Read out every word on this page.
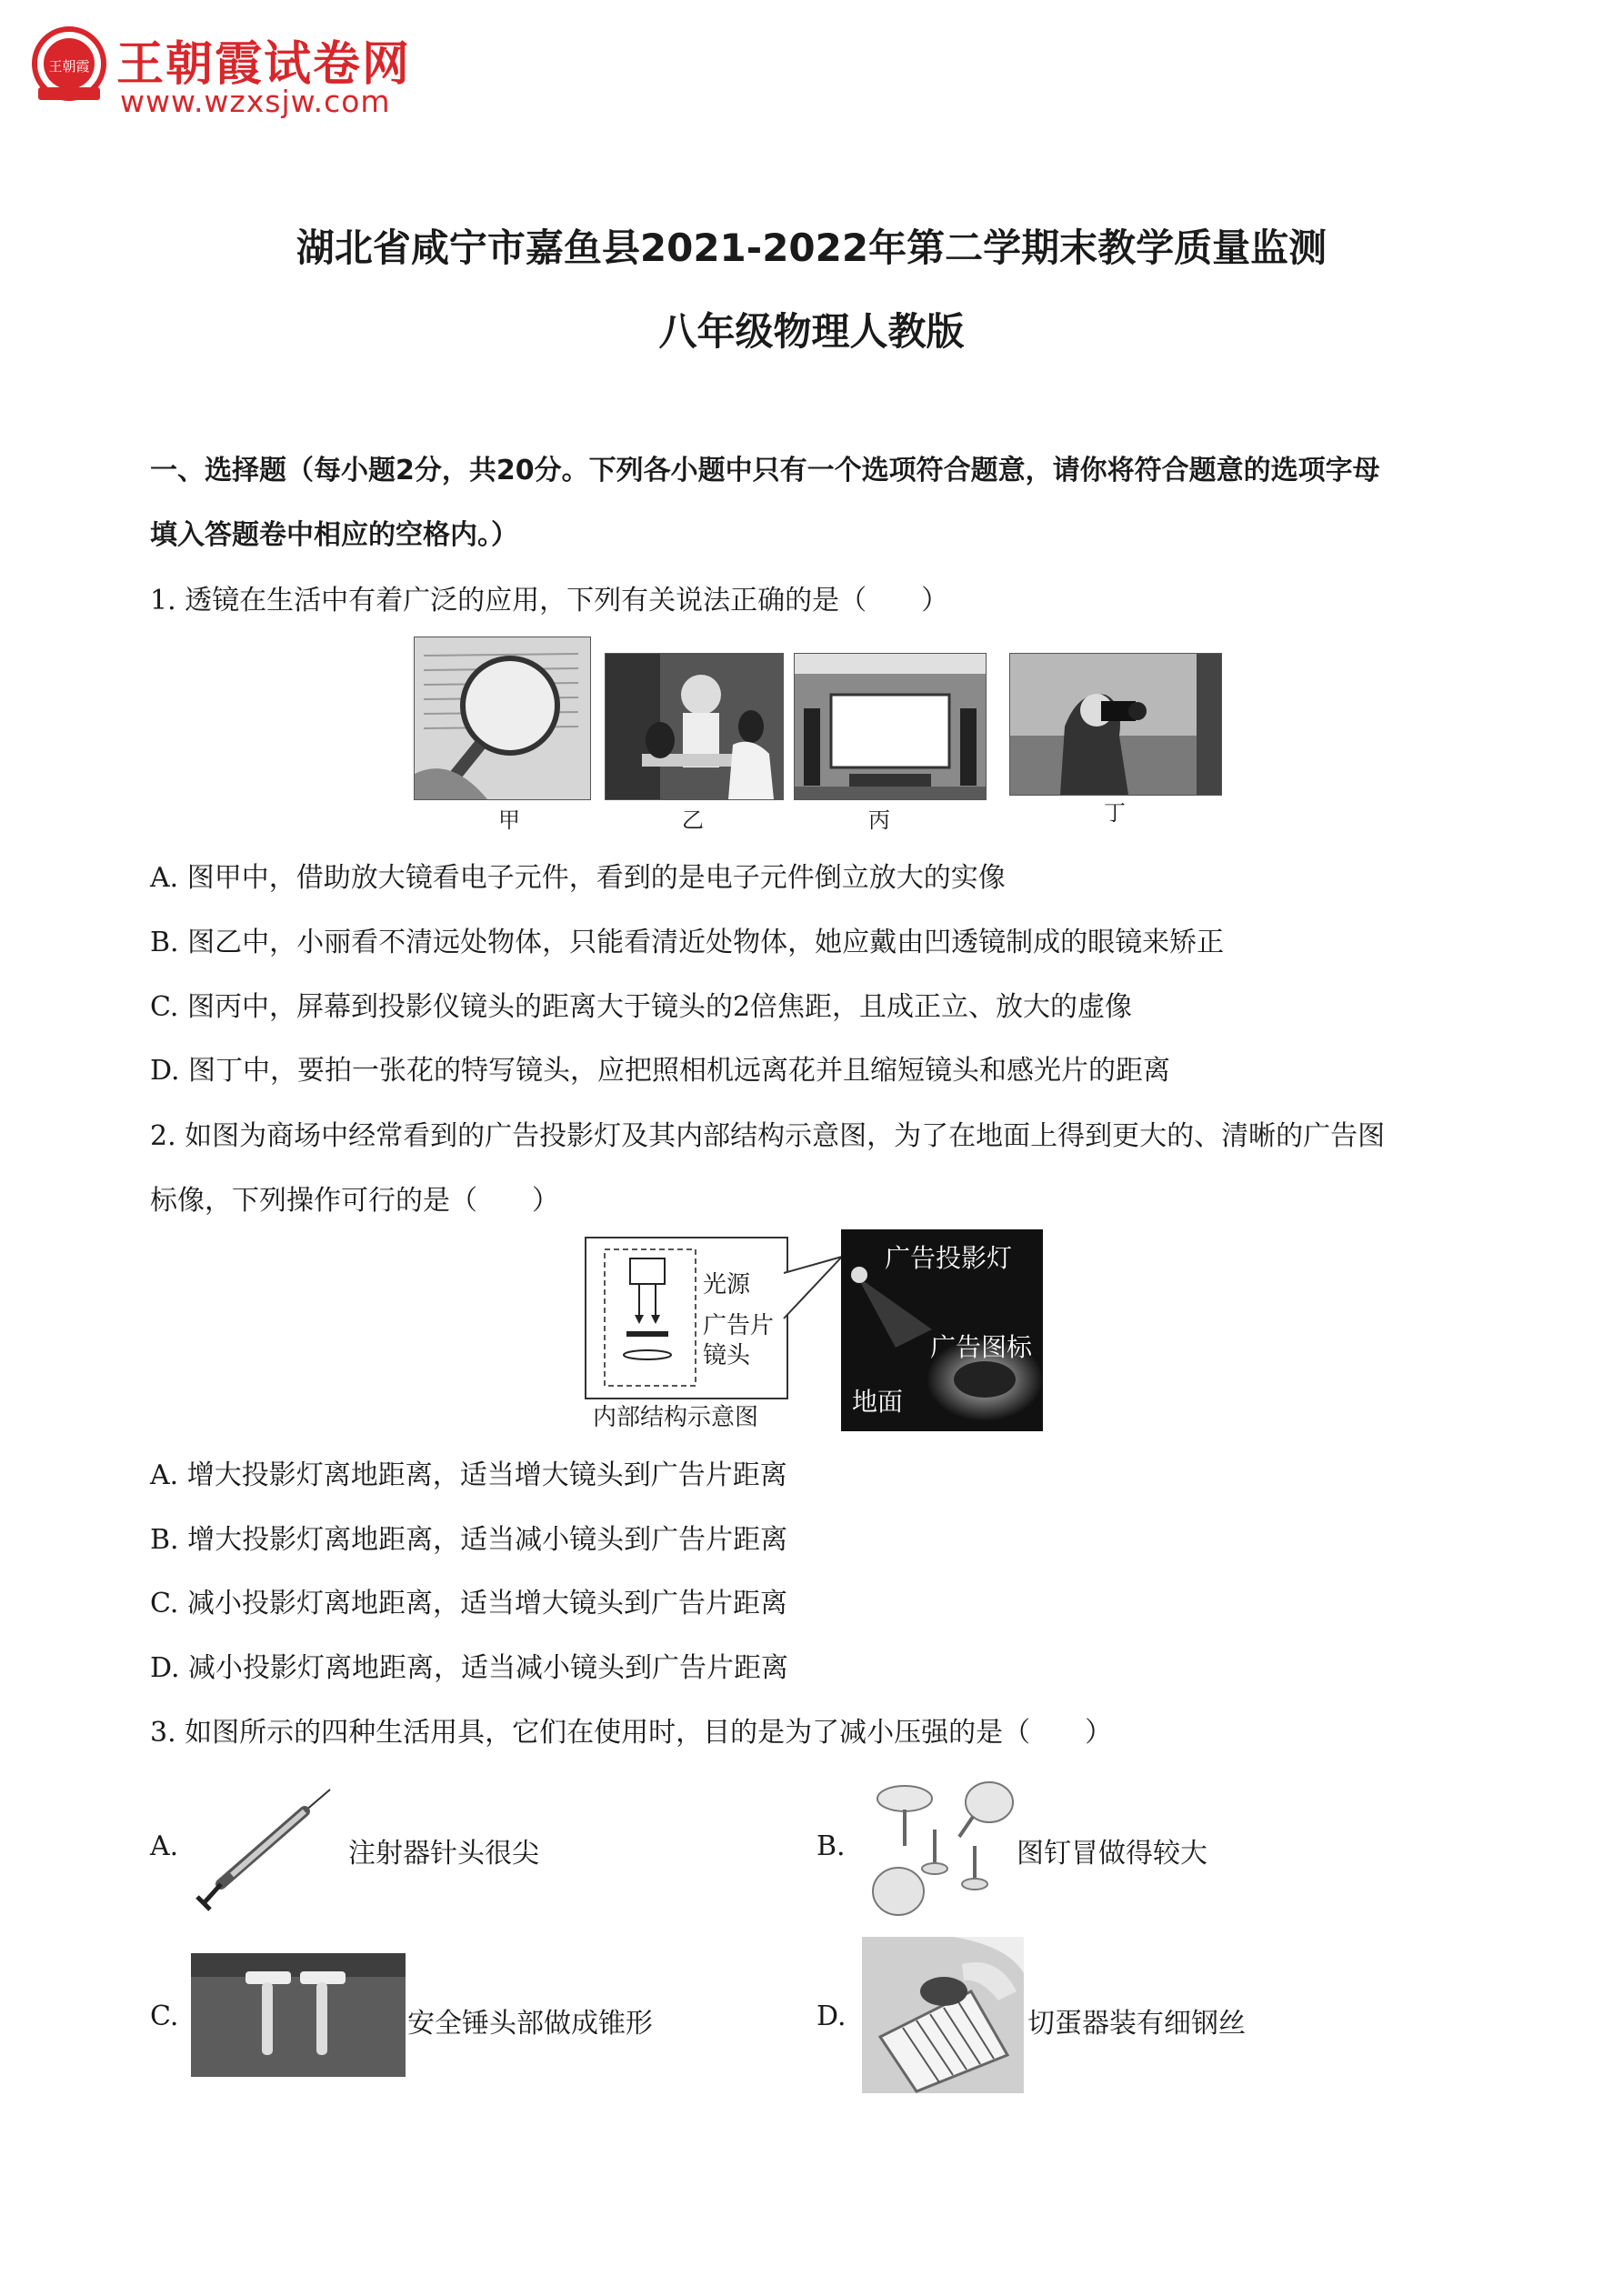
王朝霞 王朝霞试卷网
www.wzxsjw.com
湖北省咸宁市嘉鱼县2021-2022年第二学期末教学质量监测
八年级物理人教版
一、选择题（每小题2分，共20分。下列各小题中只有一个选项符合题意，请你将符合题意的选项字母
填入答题卷中相应的空格内。）
1. 透镜在生活中有着广泛的应用，下列有关说法正确的是（　　）
甲	乙	丙	丁
A. 图甲中，借助放大镜看电子元件，看到的是电子元件倒立放大的实像
B. 图乙中，小丽看不清远处物体，只能看清近处物体，她应戴由凹透镜制成的眼镜来矫正
C. 图丙中，屏幕到投影仪镜头的距离大于镜头的2倍焦距，且成正立、放大的虚像
D. 图丁中，要拍一张花的特写镜头，应把照相机远离花并且缩短镜头和感光片的距离
2. 如图为商场中经常看到的广告投影灯及其内部结构示意图，为了在地面上得到更大的、清晰的广告图
标像，下列操作可行的是（　　）
光源
广告片
镜头
内部结构示意图
广告投影灯
广告图标
地面
A. 增大投影灯离地距离，适当增大镜头到广告片距离
B. 增大投影灯离地距离，适当减小镜头到广告片距离
C. 减小投影灯离地距离，适当增大镜头到广告片距离
D. 减小投影灯离地距离，适当减小镜头到广告片距离
3. 如图所示的四种生活用具，它们在使用时，目的是为了减小压强的是（　　）
A.	注射器针头很尖	B.	图钉冒做得较大
C.	安全锤头部做成锥形	D.	切蛋器装有细钢丝
